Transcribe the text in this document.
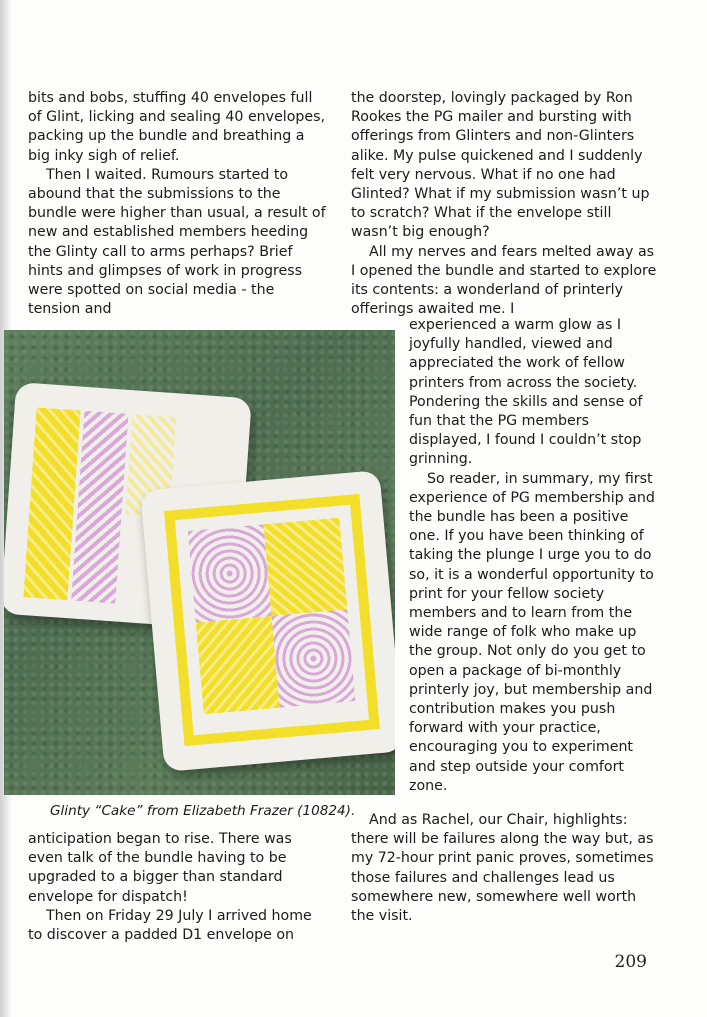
bits and bobs, stuffing 40 envelopes full of Glint, licking and sealing 40 envelopes, packing up the bundle and breathing a big inky sigh of relief.

Then I waited. Rumours started to abound that the submissions to the bundle were higher than usual, a result of new and established members heeding the Glinty call to arms perhaps? Brief hints and glimpses of work in progress were spotted on social media - the tension and

the doorstep, lovingly packaged by Ron Rookes the PG mailer and bursting with offerings from Glinters and non-Glinters alike. My pulse quickened and I suddenly felt very nervous. What if no one had Glinted? What if my submission wasn’t up to scratch? What if the envelope still wasn’t big enough?

All my nerves and fears melted away as I opened the bundle and started to explore its contents: a wonderland of printerly offerings awaited me. I

experienced a warm glow as I joyfully handled, viewed and appreciated the work of fellow printers from across the society. Pondering the skills and sense of fun that the PG members displayed, I found I couldn’t stop grinning.

So reader, in summary, my first experience of PG membership and the bundle has been a positive one. If you have been thinking of taking the plunge I urge you to do so, it is a wonderful opportunity to print for your fellow society members and to learn from the wide range of folk who make up the group. Not only do you get to open a package of bi-monthly printerly joy, but membership and contribution makes you push forward with your practice, encouraging you to experiment and step outside your comfort zone.

And as Rachel, our Chair, highlights: there will be failures along the way but, as my 72-hour print panic proves, sometimes those failures and challenges lead us somewhere new, somewhere well worth the visit.

anticipation began to rise. There was even talk of the bundle having to be upgraded to a bigger than standard envelope for dispatch!

Then on Friday 29 July I arrived home to discover a padded D1 envelope on

Glinty “Cake” from Elizabeth Frazer (10824).
209
